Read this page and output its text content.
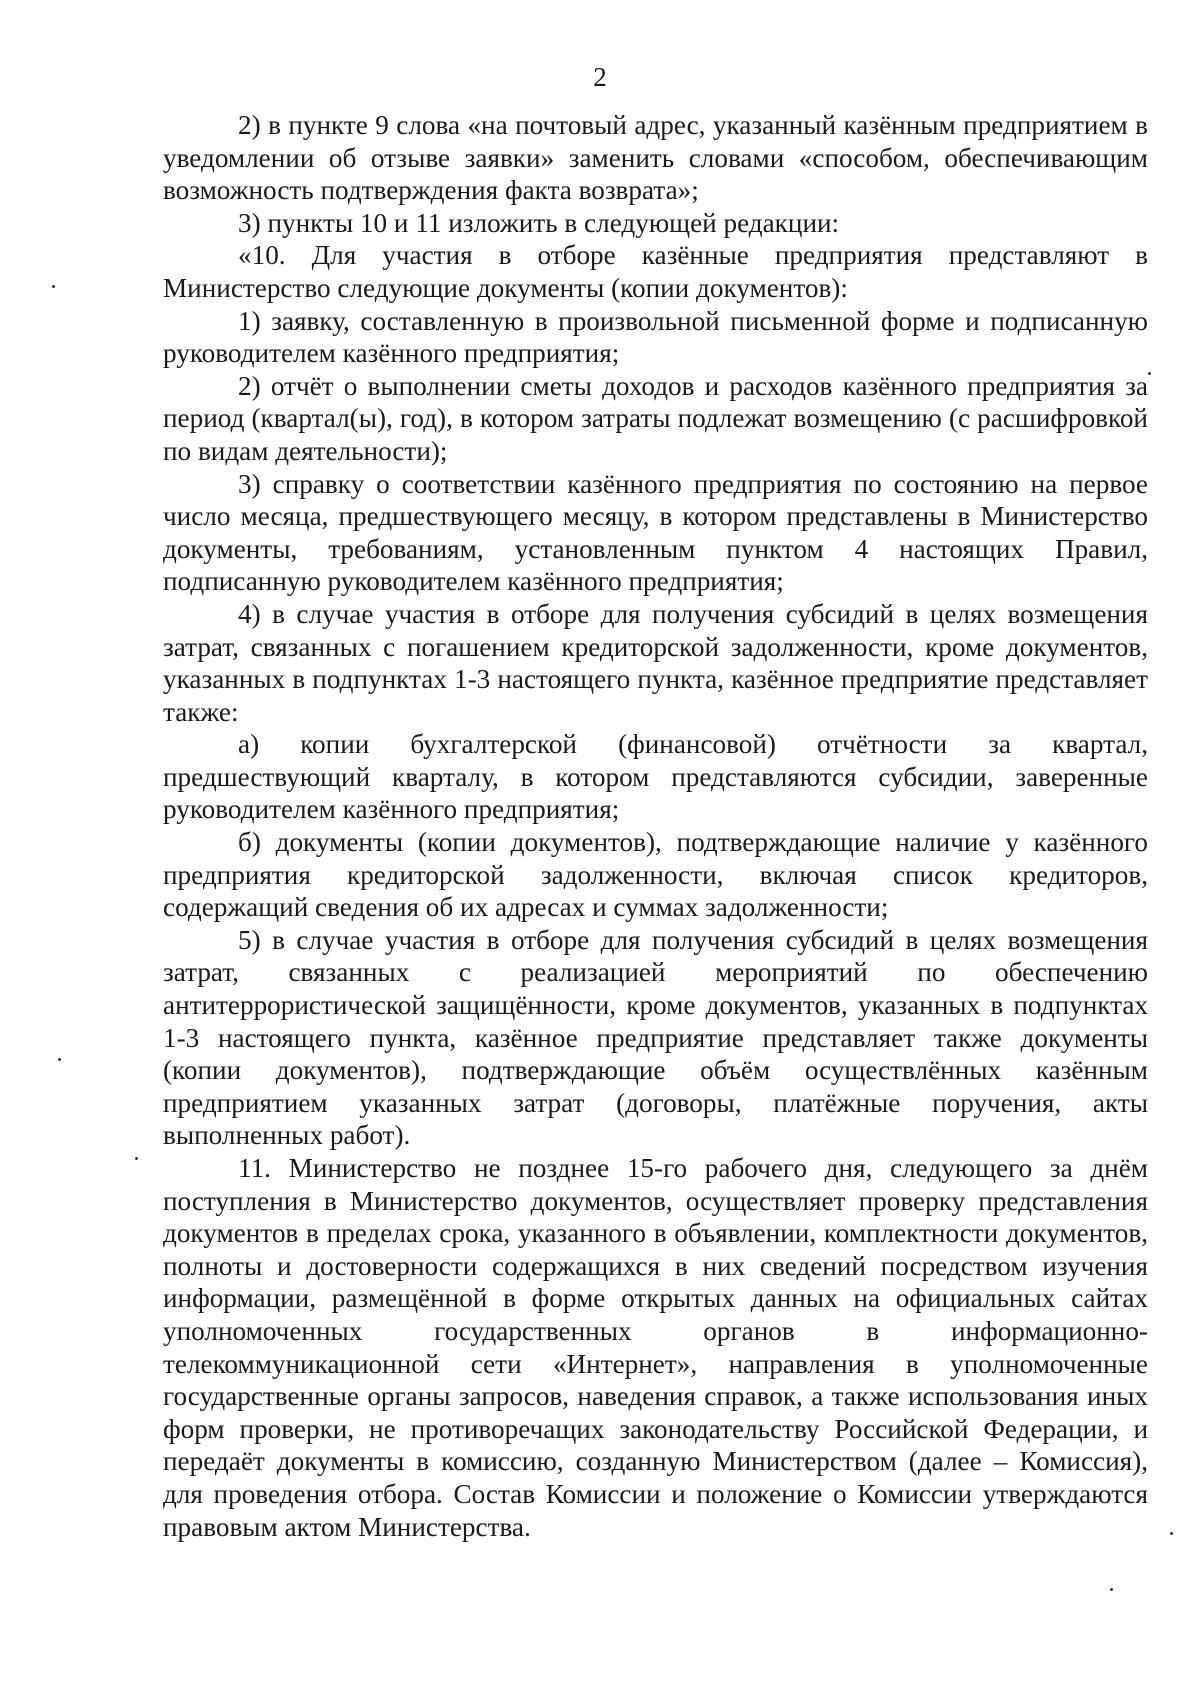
2

2) в пункте 9 слова «на почтовый адрес, указанный казённым предприятием в уведомлении об отзыве заявки» заменить словами «способом, обеспечивающим возможность подтверждения факта возврата»;

3) пункты 10 и 11 изложить в следующей редакции:

«10. Для участия в отборе казённые предприятия представляют в Министерство следующие документы (копии документов):

1) заявку, составленную в произвольной письменной форме и подписанную руководителем казённого предприятия;

2) отчёт о выполнении сметы доходов и расходов казённого предприятия за период (квартал(ы), год), в котором затраты подлежат возмещению (с расшифровкой по видам деятельности);

3) справку о соответствии казённого предприятия по состоянию на первое число месяца, предшествующего месяцу, в котором представлены в Министерство документы, требованиям, установленным пунктом 4 настоящих Правил, подписанную руководителем казённого предприятия;

4) в случае участия в отборе для получения субсидий в целях возмещения затрат, связанных с погашением кредиторской задолженности, кроме документов, указанных в подпунктах 1-3 настоящего пункта, казённое предприятие представляет также:

а) копии бухгалтерской (финансовой) отчётности за квартал, предшествующий кварталу, в котором представляются субсидии, заверенные руководителем казённого предприятия;

б) документы (копии документов), подтверждающие наличие у казённого предприятия кредиторской задолженности, включая список кредиторов, содержащий сведения об их адресах и суммах задолженности;

5) в случае участия в отборе для получения субсидий в целях возмещения затрат, связанных с реализацией мероприятий по обеспечению антитеррористической защищённости, кроме документов, указанных в подпунктах 1-3 настоящего пункта, казённое предприятие представляет также документы (копии документов), подтверждающие объём осуществлённых казённым предприятием указанных затрат (договоры, платёжные поручения, акты выполненных работ).

11. Министерство не позднее 15-го рабочего дня, следующего за днём поступления в Министерство документов, осуществляет проверку представления документов в пределах срока, указанного в объявлении, комплектности документов, полноты и достоверности содержащихся в них сведений посредством изучения информации, размещённой в форме открытых данных на официальных сайтах уполномоченных государственных органов в информационно-телекоммуникационной сети «Интернет», направления в уполномоченные государственные органы запросов, наведения справок, а также использования иных форм проверки, не противоречащих законодательству Российской Федерации, и передаёт документы в комиссию, созданную Министерством (далее – Комиссия), для проведения отбора. Состав Комиссии и положение о Комиссии утверждаются правовым актом Министерства.
